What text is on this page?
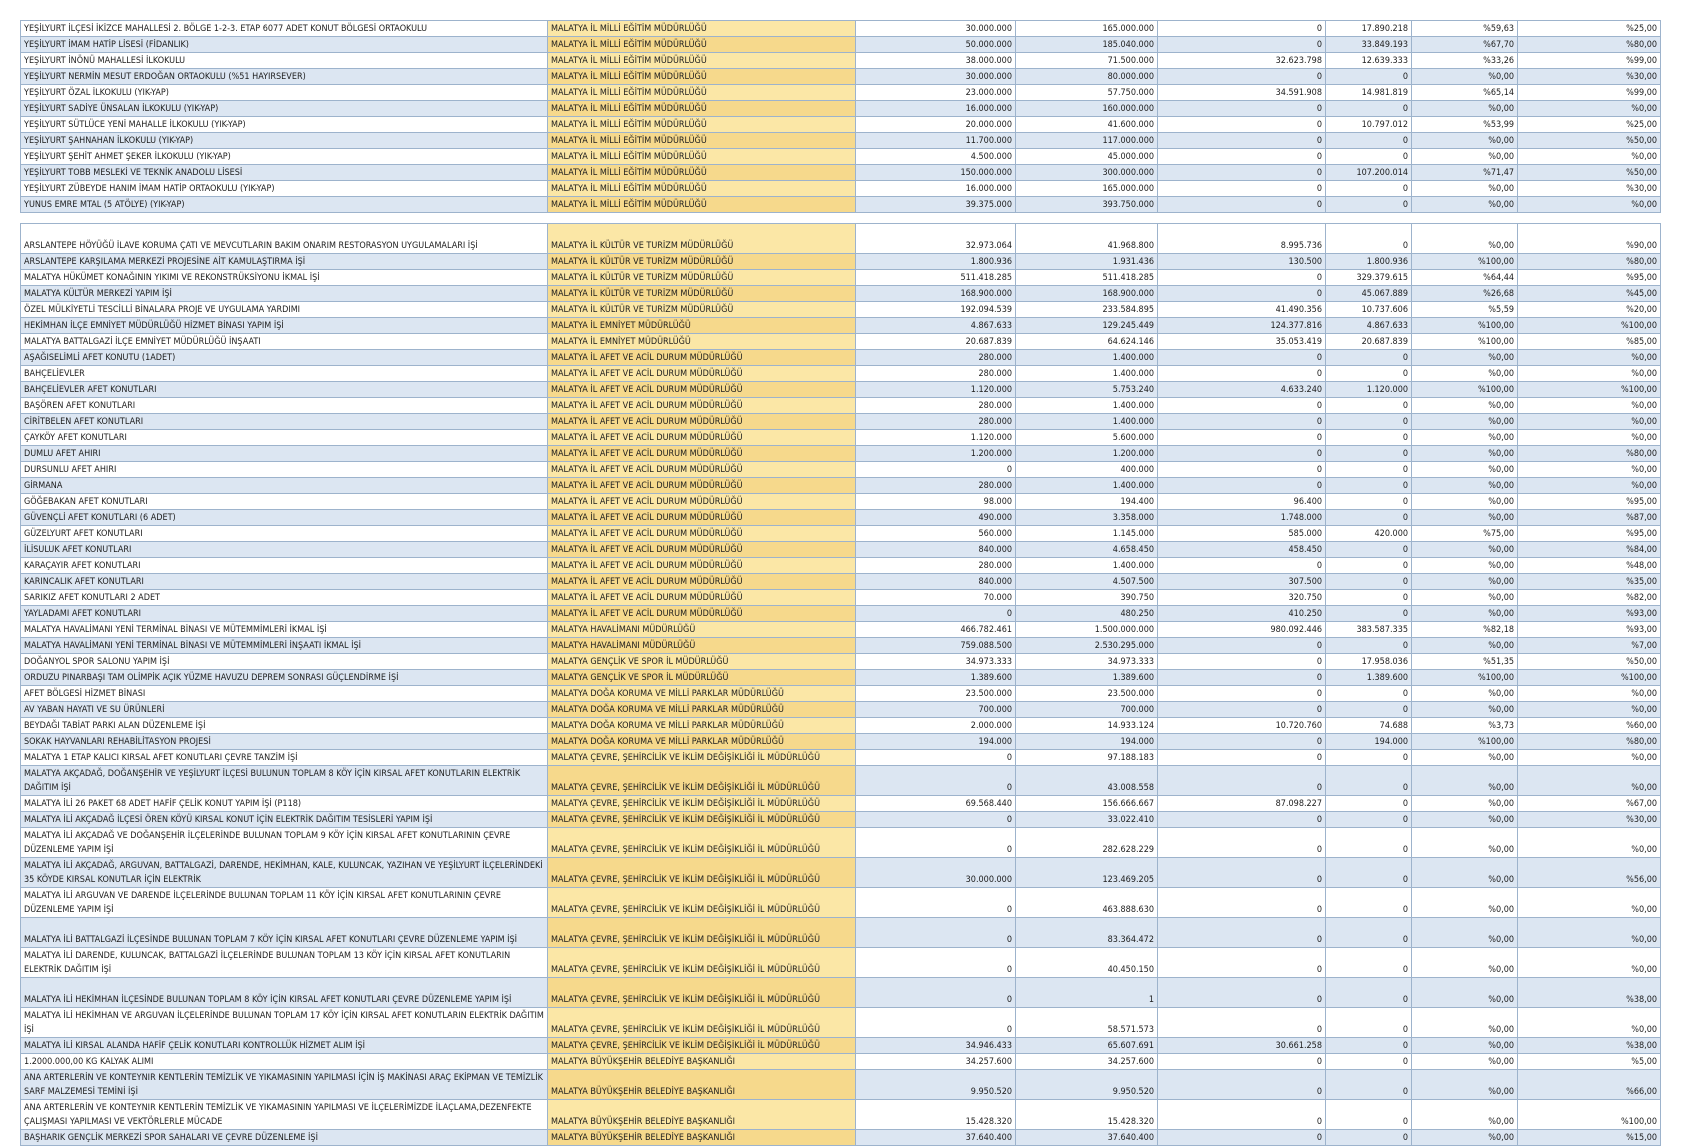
YEŞİLYURT İLÇESİ İKİZCE MAHALLESİ 2. BÖLGE 1-2-3. ETAP 6077 ADET KONUT BÖLGESİ ORTAOKULU	MALATYA İL MİLLİ EĞİTİM MÜDÜRLÜĞÜ	30.000.000	165.000.000	0	17.890.218	%59,63	%25,00
YEŞİLYURT İMAM HATİP LİSESİ (FİDANLIK)	MALATYA İL MİLLİ EĞİTİM MÜDÜRLÜĞÜ	50.000.000	185.040.000	0	33.849.193	%67,70	%80,00
YEŞİLYURT İNÖNÜ MAHALLESİ İLKOKULU	MALATYA İL MİLLİ EĞİTİM MÜDÜRLÜĞÜ	38.000.000	71.500.000	32.623.798	12.639.333	%33,26	%99,00
YEŞİLYURT NERMİN MESUT ERDOĞAN ORTAOKULU (%51 HAYIRSEVER)	MALATYA İL MİLLİ EĞİTİM MÜDÜRLÜĞÜ	30.000.000	80.000.000	0	0	%0,00	%30,00
YEŞİLYURT ÖZAL İLKOKULU (YIK-YAP)	MALATYA İL MİLLİ EĞİTİM MÜDÜRLÜĞÜ	23.000.000	57.750.000	34.591.908	14.981.819	%65,14	%99,00
YEŞİLYURT SADİYE ÜNSALAN İLKOKULU (YIK-YAP)	MALATYA İL MİLLİ EĞİTİM MÜDÜRLÜĞÜ	16.000.000	160.000.000	0	0	%0,00	%0,00
YEŞİLYURT SÜTLÜCE YENİ MAHALLE İLKOKULU (YIK-YAP)	MALATYA İL MİLLİ EĞİTİM MÜDÜRLÜĞÜ	20.000.000	41.600.000	0	10.797.012	%53,99	%25,00
YEŞİLYURT ŞAHNAHAN İLKOKULU (YIK-YAP)	MALATYA İL MİLLİ EĞİTİM MÜDÜRLÜĞÜ	11.700.000	117.000.000	0	0	%0,00	%50,00
YEŞİLYURT ŞEHİT AHMET ŞEKER İLKOKULU (YIK-YAP)	MALATYA İL MİLLİ EĞİTİM MÜDÜRLÜĞÜ	4.500.000	45.000.000	0	0	%0,00	%0,00
YEŞİLYURT TOBB MESLEKİ VE TEKNİK ANADOLU LİSESİ	MALATYA İL MİLLİ EĞİTİM MÜDÜRLÜĞÜ	150.000.000	300.000.000	0	107.200.014	%71,47	%50,00
YEŞİLYURT ZÜBEYDE HANIM İMAM HATİP ORTAOKULU (YIK-YAP)	MALATYA İL MİLLİ EĞİTİM MÜDÜRLÜĞÜ	16.000.000	165.000.000	0	0	%0,00	%30,00
YUNUS EMRE MTAL (5 ATÖLYE) (YIK-YAP)	MALATYA İL MİLLİ EĞİTİM MÜDÜRLÜĞÜ	39.375.000	393.750.000	0	0	%0,00	%0,00

ARSLANTEPE HÖYÜĞÜ İLAVE KORUMA ÇATI VE MEVCUTLARIN BAKIM ONARIM RESTORASYON UYGULAMALARI İŞİ	MALATYA İL KÜLTÜR VE TURİZM MÜDÜRLÜĞÜ	32.973.064	41.968.800	8.995.736	0	%0,00	%90,00
ARSLANTEPE KARŞILAMA MERKEZİ PROJESİNE AİT KAMULAŞTIRMA İŞİ	MALATYA İL KÜLTÜR VE TURİZM MÜDÜRLÜĞÜ	1.800.936	1.931.436	130.500	1.800.936	%100,00	%80,00
MALATYA HÜKÜMET KONAĞININ YIKIMI VE REKONSTRÜKSİYONU İKMAL İŞİ	MALATYA İL KÜLTÜR VE TURİZM MÜDÜRLÜĞÜ	511.418.285	511.418.285	0	329.379.615	%64,44	%95,00
MALATYA KÜLTÜR MERKEZİ YAPIM İŞİ	MALATYA İL KÜLTÜR VE TURİZM MÜDÜRLÜĞÜ	168.900.000	168.900.000	0	45.067.889	%26,68	%45,00
ÖZEL MÜLKİYETLİ TESCİLLİ BİNALARA PROJE VE UYGULAMA YARDIMI	MALATYA İL KÜLTÜR VE TURİZM MÜDÜRLÜĞÜ	192.094.539	233.584.895	41.490.356	10.737.606	%5,59	%20,00
HEKİMHAN İLÇE EMNİYET MÜDÜRLÜĞÜ HİZMET BİNASI YAPIM İŞİ	MALATYA İL EMNİYET MÜDÜRLÜĞÜ	4.867.633	129.245.449	124.377.816	4.867.633	%100,00	%100,00
MALATYA BATTALGAZİ İLÇE EMNİYET MÜDÜRLÜĞÜ İNŞAATI	MALATYA İL EMNİYET MÜDÜRLÜĞÜ	20.687.839	64.624.146	35.053.419	20.687.839	%100,00	%85,00
AŞAĞISELİMLİ AFET KONUTU (1ADET)	MALATYA İL AFET VE ACİL DURUM MÜDÜRLÜĞÜ	280.000	1.400.000	0	0	%0,00	%0,00
BAHÇELİEVLER	MALATYA İL AFET VE ACİL DURUM MÜDÜRLÜĞÜ	280.000	1.400.000	0	0	%0,00	%0,00
BAHÇELİEVLER AFET KONUTLARI	MALATYA İL AFET VE ACİL DURUM MÜDÜRLÜĞÜ	1.120.000	5.753.240	4.633.240	1.120.000	%100,00	%100,00
BAŞÖREN AFET KONUTLARI	MALATYA İL AFET VE ACİL DURUM MÜDÜRLÜĞÜ	280.000	1.400.000	0	0	%0,00	%0,00
CİRİTBELEN AFET KONUTLARI	MALATYA İL AFET VE ACİL DURUM MÜDÜRLÜĞÜ	280.000	1.400.000	0	0	%0,00	%0,00
ÇAYKÖY AFET KONUTLARI	MALATYA İL AFET VE ACİL DURUM MÜDÜRLÜĞÜ	1.120.000	5.600.000	0	0	%0,00	%0,00
DUMLU AFET AHIRI	MALATYA İL AFET VE ACİL DURUM MÜDÜRLÜĞÜ	1.200.000	1.200.000	0	0	%0,00	%80,00
DURSUNLU AFET AHIRI	MALATYA İL AFET VE ACİL DURUM MÜDÜRLÜĞÜ	0	400.000	0	0	%0,00	%0,00
GİRMANA	MALATYA İL AFET VE ACİL DURUM MÜDÜRLÜĞÜ	280.000	1.400.000	0	0	%0,00	%0,00
GÖĞEBAKAN AFET KONUTLARI	MALATYA İL AFET VE ACİL DURUM MÜDÜRLÜĞÜ	98.000	194.400	96.400	0	%0,00	%95,00
GÜVENÇLİ AFET KONUTLARI (6 ADET)	MALATYA İL AFET VE ACİL DURUM MÜDÜRLÜĞÜ	490.000	3.358.000	1.748.000	0	%0,00	%87,00
GÜZELYURT AFET KONUTLARI	MALATYA İL AFET VE ACİL DURUM MÜDÜRLÜĞÜ	560.000	1.145.000	585.000	420.000	%75,00	%95,00
İLİSULUK AFET KONUTLARI	MALATYA İL AFET VE ACİL DURUM MÜDÜRLÜĞÜ	840.000	4.658.450	458.450	0	%0,00	%84,00
KARAÇAYIR AFET KONUTLARI	MALATYA İL AFET VE ACİL DURUM MÜDÜRLÜĞÜ	280.000	1.400.000	0	0	%0,00	%48,00
KARINCALIK AFET KONUTLARI	MALATYA İL AFET VE ACİL DURUM MÜDÜRLÜĞÜ	840.000	4.507.500	307.500	0	%0,00	%35,00
SARIKIZ AFET KONUTLARI 2 ADET	MALATYA İL AFET VE ACİL DURUM MÜDÜRLÜĞÜ	70.000	390.750	320.750	0	%0,00	%82,00
YAYLADAMI AFET KONUTLARI	MALATYA İL AFET VE ACİL DURUM MÜDÜRLÜĞÜ	0	480.250	410.250	0	%0,00	%93,00
MALATYA HAVALİMANI YENİ TERMİNAL BİNASI VE MÜTEMMİMLERİ İKMAL İŞİ	MALATYA HAVALİMANI MÜDÜRLÜĞÜ	466.782.461	1.500.000.000	980.092.446	383.587.335	%82,18	%93,00
MALATYA HAVALİMANI YENİ TERMİNAL BİNASI VE MÜTEMMİMLERİ İNŞAATI İKMAL İŞİ	MALATYA HAVALİMANI MÜDÜRLÜĞÜ	759.088.500	2.530.295.000	0	0	%0,00	%7,00
DOĞANYOL SPOR SALONU YAPIM İŞİ	MALATYA GENÇLİK VE SPOR İL MÜDÜRLÜĞÜ	34.973.333	34.973.333	0	17.958.036	%51,35	%50,00
ORDUZU PINARBAŞI TAM OLİMPİK AÇIK YÜZME HAVUZU DEPREM SONRASI GÜÇLENDİRME İŞİ	MALATYA GENÇLİK VE SPOR İL MÜDÜRLÜĞÜ	1.389.600	1.389.600	0	1.389.600	%100,00	%100,00
AFET BÖLGESİ HİZMET BİNASI	MALATYA DOĞA KORUMA VE MİLLİ PARKLAR MÜDÜRLÜĞÜ	23.500.000	23.500.000	0	0	%0,00	%0,00
AV YABAN HAYATI VE SU ÜRÜNLERİ	MALATYA DOĞA KORUMA VE MİLLİ PARKLAR MÜDÜRLÜĞÜ	700.000	700.000	0	0	%0,00	%0,00
BEYDAĞI TABİAT PARKI ALAN DÜZENLEME İŞİ	MALATYA DOĞA KORUMA VE MİLLİ PARKLAR MÜDÜRLÜĞÜ	2.000.000	14.933.124	10.720.760	74.688	%3,73	%60,00
SOKAK HAYVANLARI REHABİLİTASYON PROJESİ	MALATYA DOĞA KORUMA VE MİLLİ PARKLAR MÜDÜRLÜĞÜ	194.000	194.000	0	194.000	%100,00	%80,00
MALATYA 1 ETAP KALICI KIRSAL AFET KONUTLARI ÇEVRE TANZİM İŞİ	MALATYA ÇEVRE, ŞEHİRCİLİK VE İKLİM DEĞİŞİKLİĞİ İL MÜDÜRLÜĞÜ	0	97.188.183	0	0	%0,00	%0,00
MALATYA AKÇADAĞ, DOĞANŞEHİR VE YEŞİLYURT İLÇESİ BULUNUN TOPLAM 8 KÖY İÇİN KIRSAL AFET KONUTLARIN ELEKTRİK DAĞITIM İŞİ	MALATYA ÇEVRE, ŞEHİRCİLİK VE İKLİM DEĞİŞİKLİĞİ İL MÜDÜRLÜĞÜ	0	43.008.558	0	0	%0,00	%0,00
MALATYA İLİ 26 PAKET 68 ADET HAFİF ÇELİK KONUT YAPIM İŞİ (P118)	MALATYA ÇEVRE, ŞEHİRCİLİK VE İKLİM DEĞİŞİKLİĞİ İL MÜDÜRLÜĞÜ	69.568.440	156.666.667	87.098.227	0	%0,00	%67,00
MALATYA İLİ AKÇADAĞ İLÇESİ ÖREN KÖYÜ KIRSAL KONUT İÇİN ELEKTRİK DAĞITIM TESİSLERİ YAPIM İŞİ	MALATYA ÇEVRE, ŞEHİRCİLİK VE İKLİM DEĞİŞİKLİĞİ İL MÜDÜRLÜĞÜ	0	33.022.410	0	0	%0,00	%30,00
MALATYA İLİ AKÇADAĞ VE DOĞANŞEHİR İLÇELERİNDE BULUNAN TOPLAM 9 KÖY İÇİN KIRSAL AFET KONUTLARININ ÇEVRE DÜZENLEME YAPIM İŞİ	MALATYA ÇEVRE, ŞEHİRCİLİK VE İKLİM DEĞİŞİKLİĞİ İL MÜDÜRLÜĞÜ	0	282.628.229	0	0	%0,00	%0,00
MALATYA İLİ AKÇADAĞ, ARGUVAN, BATTALGAZİ, DARENDE, HEKİMHAN, KALE, KULUNCAK, YAZIHAN VE YEŞİLYURT İLÇELERİNDEKİ 35 KÖYDE KIRSAL KONUTLAR İÇİN ELEKTRİK	MALATYA ÇEVRE, ŞEHİRCİLİK VE İKLİM DEĞİŞİKLİĞİ İL MÜDÜRLÜĞÜ	30.000.000	123.469.205	0	0	%0,00	%56,00
MALATYA İLİ ARGUVAN VE DARENDE İLÇELERİNDE BULUNAN TOPLAM 11 KÖY İÇİN KIRSAL AFET KONUTLARININ ÇEVRE DÜZENLEME YAPIM İŞİ	MALATYA ÇEVRE, ŞEHİRCİLİK VE İKLİM DEĞİŞİKLİĞİ İL MÜDÜRLÜĞÜ	0	463.888.630	0	0	%0,00	%0,00
MALATYA İLİ BATTALGAZİ İLÇESİNDE BULUNAN TOPLAM 7 KÖY İÇİN KIRSAL AFET KONUTLARI ÇEVRE DÜZENLEME YAPIM İŞİ	MALATYA ÇEVRE, ŞEHİRCİLİK VE İKLİM DEĞİŞİKLİĞİ İL MÜDÜRLÜĞÜ	0	83.364.472	0	0	%0,00	%0,00
MALATYA İLİ DARENDE, KULUNCAK, BATTALGAZİ İLÇELERİNDE BULUNAN TOPLAM 13 KÖY İÇİN KIRSAL AFET KONUTLARIN ELEKTRİK DAĞITIM İŞİ	MALATYA ÇEVRE, ŞEHİRCİLİK VE İKLİM DEĞİŞİKLİĞİ İL MÜDÜRLÜĞÜ	0	40.450.150	0	0	%0,00	%0,00
MALATYA İLİ HEKİMHAN İLÇESİNDE BULUNAN TOPLAM 8 KÖY İÇİN KIRSAL AFET KONUTLARI ÇEVRE DÜZENLEME YAPIM İŞİ	MALATYA ÇEVRE, ŞEHİRCİLİK VE İKLİM DEĞİŞİKLİĞİ İL MÜDÜRLÜĞÜ	0	1	0	0	%0,00	%38,00
MALATYA İLİ HEKİMHAN VE ARGUVAN İLÇELERİNDE BULUNAN TOPLAM 17 KÖY İÇİN KIRSAL AFET KONUTLARIN ELEKTRİK DAĞITIM İŞİ	MALATYA ÇEVRE, ŞEHİRCİLİK VE İKLİM DEĞİŞİKLİĞİ İL MÜDÜRLÜĞÜ	0	58.571.573	0	0	%0,00	%0,00
MALATYA İLİ KIRSAL ALANDA HAFİF ÇELİK KONUTLARI KONTROLLÜK HİZMET ALIM İŞİ	MALATYA ÇEVRE, ŞEHİRCİLİK VE İKLİM DEĞİŞİKLİĞİ İL MÜDÜRLÜĞÜ	34.946.433	65.607.691	30.661.258	0	%0,00	%38,00
1.2000.000,00 KG KALYAK ALIMI	MALATYA BÜYÜKŞEHİR BELEDİYE BAŞKANLIĞI	34.257.600	34.257.600	0	0	%0,00	%5,00
ANA ARTERLERİN VE KONTEYNIR KENTLERİN TEMİZLİK VE YIKAMASININ YAPILMASI İÇİN İŞ MAKİNASI ARAÇ EKİPMAN VE TEMİZLİK SARF MALZEMESİ TEMİNİ İŞİ	MALATYA BÜYÜKŞEHİR BELEDİYE BAŞKANLIĞI	9.950.520	9.950.520	0	0	%0,00	%66,00
ANA ARTERLERİN VE KONTEYNIR KENTLERİN TEMİZLİK VE YIKAMASININ YAPILMASI VE İLÇELERİMİZDE İLAÇLAMA,DEZENFEKTE ÇALIŞMASI YAPILMASI VE VEKTÖRLERLE MÜCADE	MALATYA BÜYÜKŞEHİR BELEDİYE BAŞKANLIĞI	15.428.320	15.428.320	0	0	%0,00	%100,00
BAŞHARIK GENÇLİK MERKEZİ SPOR SAHALARI VE ÇEVRE DÜZENLEME İŞİ	MALATYA BÜYÜKŞEHİR BELEDİYE BAŞKANLIĞI	37.640.400	37.640.400	0	0	%0,00	%15,00
